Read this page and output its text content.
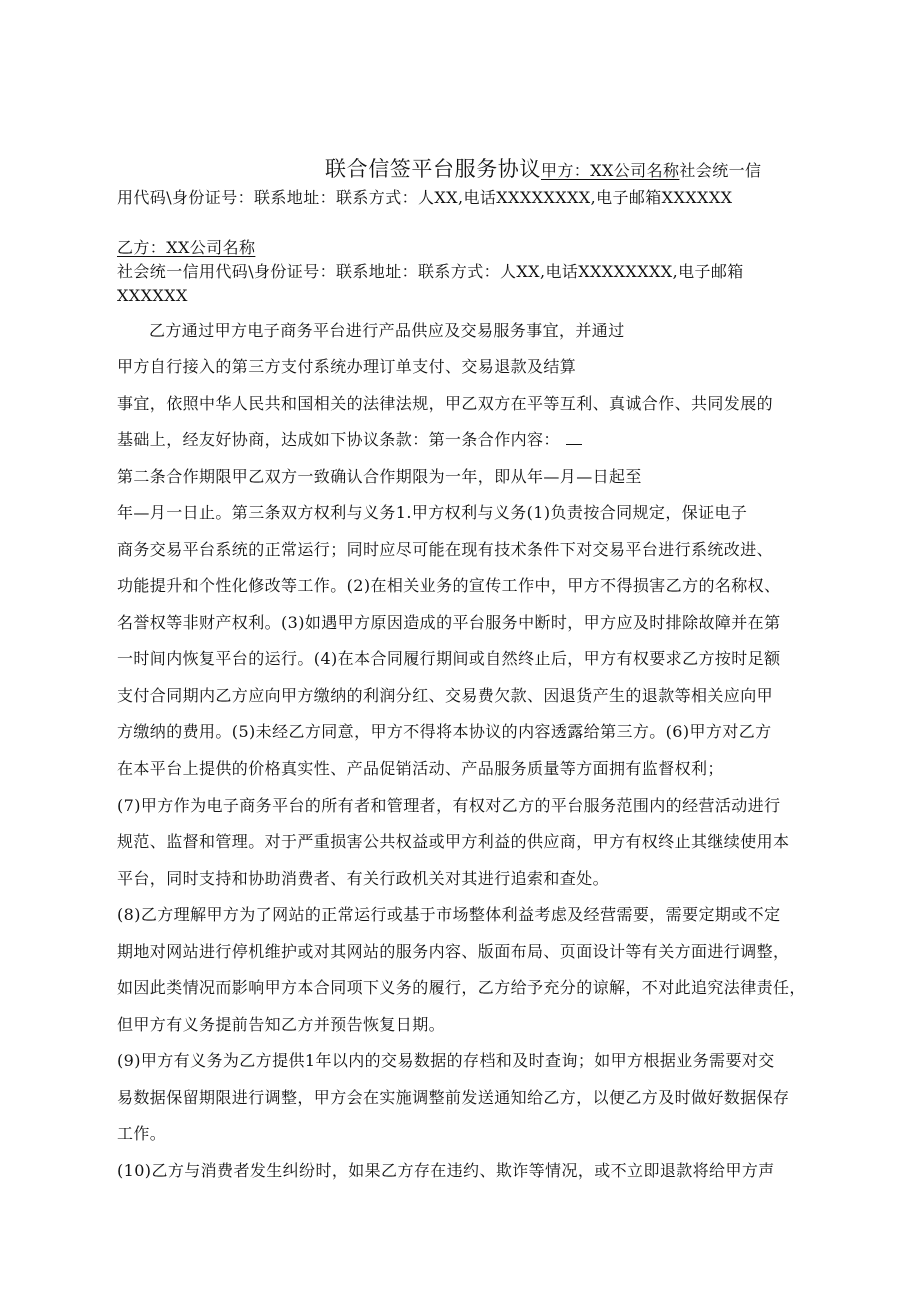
联合信签平台服务协议甲方：XX公司名称社会统一信
用代码\身份证号：联系地址：联系方式：人XX,电话XXXXXXXX,电子邮箱XXXXXX
乙方：XX公司名称
社会统一信用代码\身份证号：联系地址：联系方式：人XX,电话XXXXXXXX,电子邮箱
XXXXXX
乙方通过甲方电子商务平台进行产品供应及交易服务事宜，并通过
甲方自行接入的第三方支付系统办理订单支付、交易退款及结算
事宜，依照中华人民共和国相关的法律法规，甲乙双方在平等互利、真诚合作、共同发展的
基础上，经友好协商，达成如下协议条款：第一条合作内容：
第二条合作期限甲乙双方一致确认合作期限为一年，即从年—月—日起至
年—月一日止。第三条双方权利与义务1.甲方权利与义务(1)负责按合同规定，保证电子
商务交易平台系统的正常运行；同时应尽可能在现有技术条件下对交易平台进行系统改进、
功能提升和个性化修改等工作。(2)在相关业务的宣传工作中，甲方不得损害乙方的名称权、
名誉权等非财产权利。(3)如遇甲方原因造成的平台服务中断时，甲方应及时排除故障并在第
一时间内恢复平台的运行。(4)在本合同履行期间或自然终止后，甲方有权要求乙方按时足额
支付合同期内乙方应向甲方缴纳的利润分红、交易费欠款、因退货产生的退款等相关应向甲
方缴纳的费用。(5)未经乙方同意，甲方不得将本协议的内容透露给第三方。(6)甲方对乙方
在本平台上提供的价格真实性、产品促销活动、产品服务质量等方面拥有监督权利；
(7)甲方作为电子商务平台的所有者和管理者，有权对乙方的平台服务范围内的经营活动进行
规范、监督和管理。对于严重损害公共权益或甲方利益的供应商，甲方有权终止其继续使用本
平台，同时支持和协助消费者、有关行政机关对其进行追索和查处。
(8)乙方理解甲方为了网站的正常运行或基于市场整体利益考虑及经营需要，需要定期或不定
期地对网站进行停机维护或对其网站的服务内容、版面布局、页面设计等有关方面进行调整，
如因此类情况而影响甲方本合同项下义务的履行，乙方给予充分的谅解，不对此追究法律责任，
但甲方有义务提前告知乙方并预告恢复日期。
(9)甲方有义务为乙方提供1年以内的交易数据的存档和及时查询；如甲方根据业务需要对交
易数据保留期限进行调整，甲方会在实施调整前发送通知给乙方，以便乙方及时做好数据保存
工作。
(10)乙方与消费者发生纠纷时，如果乙方存在违约、欺诈等情况，或不立即退款将给甲方声
